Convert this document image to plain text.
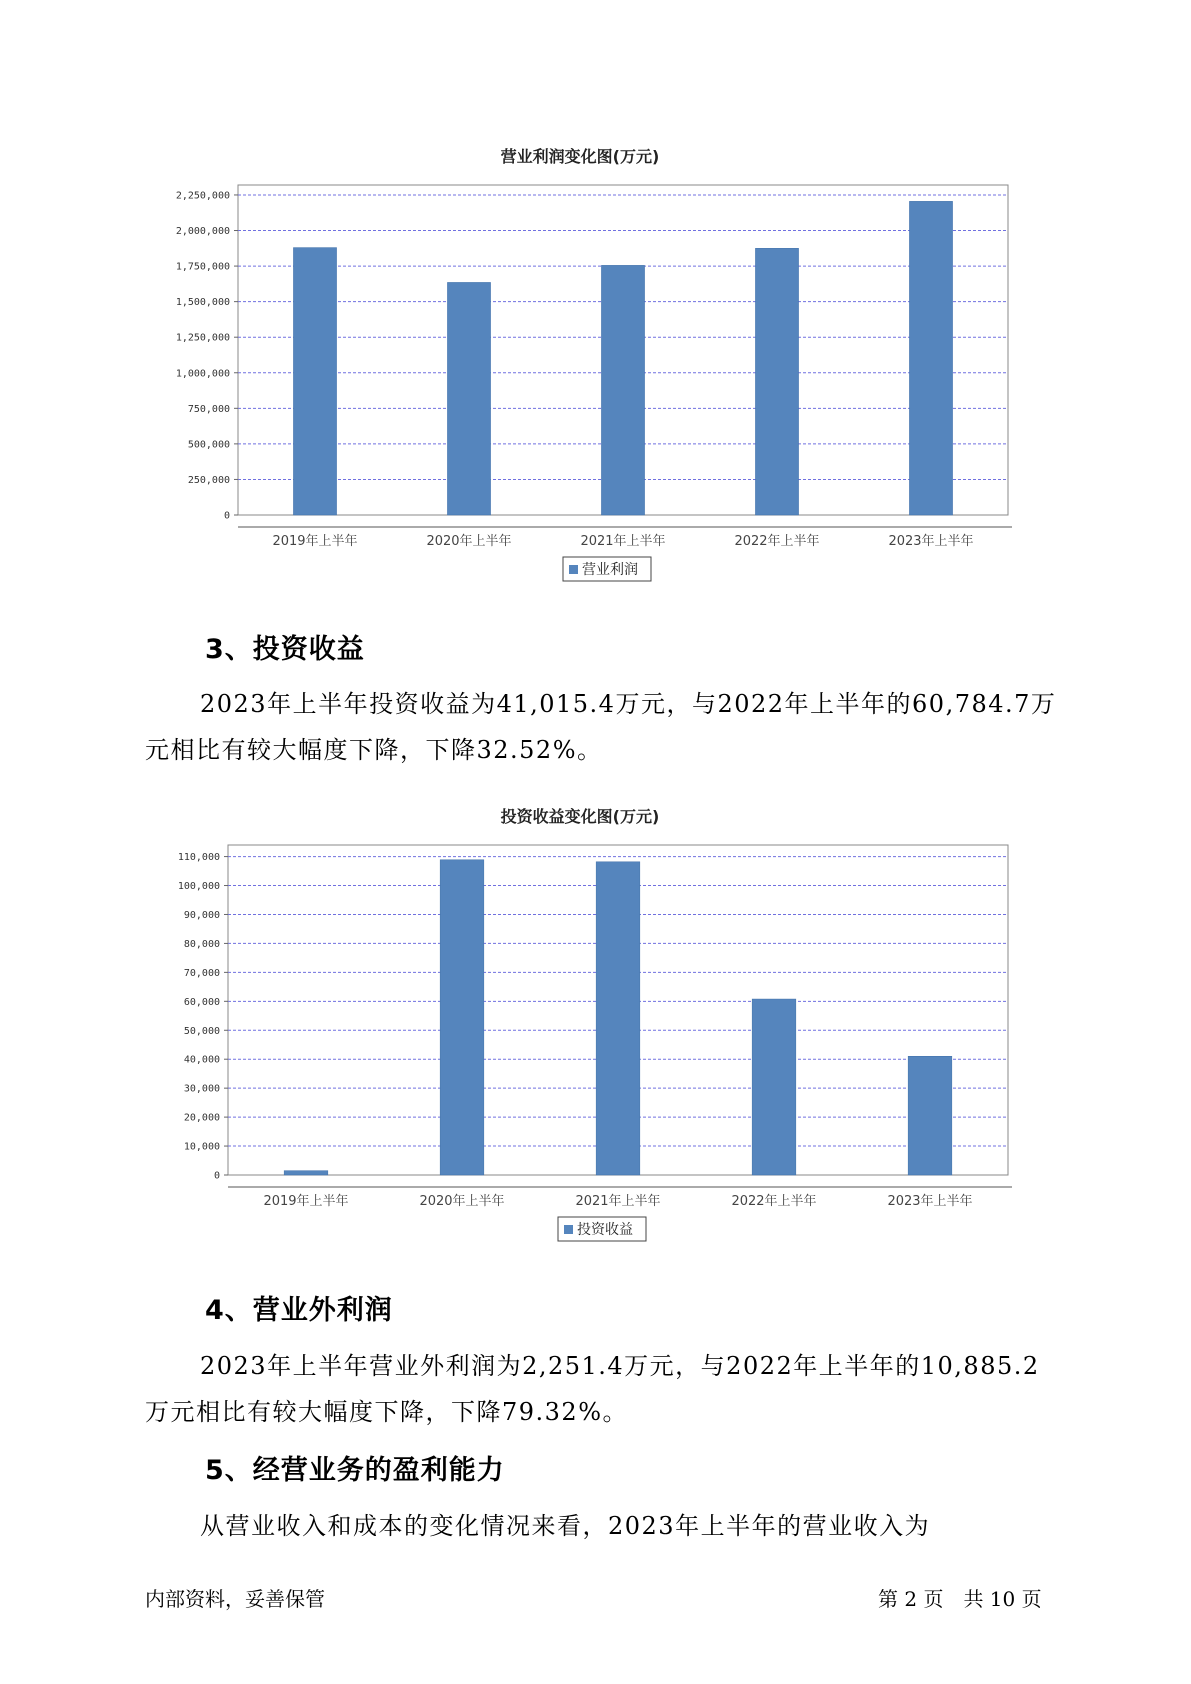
营业利润变化图(万元)
0
250,000
500,000
750,000
1,000,000
1,250,000
1,500,000
1,750,000
2,000,000
2,250,000
2019年上半年	2020年上半年	2021年上半年	2022年上半年	2023年上半年
营业利润
3、投资收益

2023年上半年投资收益为41,015.4万元，与2022年上半年的60,784.7万元相比有较大幅度下降，下降32.52%。

投资收益变化图(万元)
0
10,000
20,000
30,000
40,000
50,000
60,000
70,000
80,000
90,000
100,000
110,000
2019年上半年	2020年上半年	2021年上半年	2022年上半年	2023年上半年
投资收益
4、营业外利润

2023年上半年营业外利润为2,251.4万元，与2022年上半年的10,885.2万元相比有较大幅度下降，下降79.32%。

5、经营业务的盈利能力

从营业收入和成本的变化情况来看，2023年上半年的营业收入为

内部资料，妥善保管	第 2 页　共 10 页
